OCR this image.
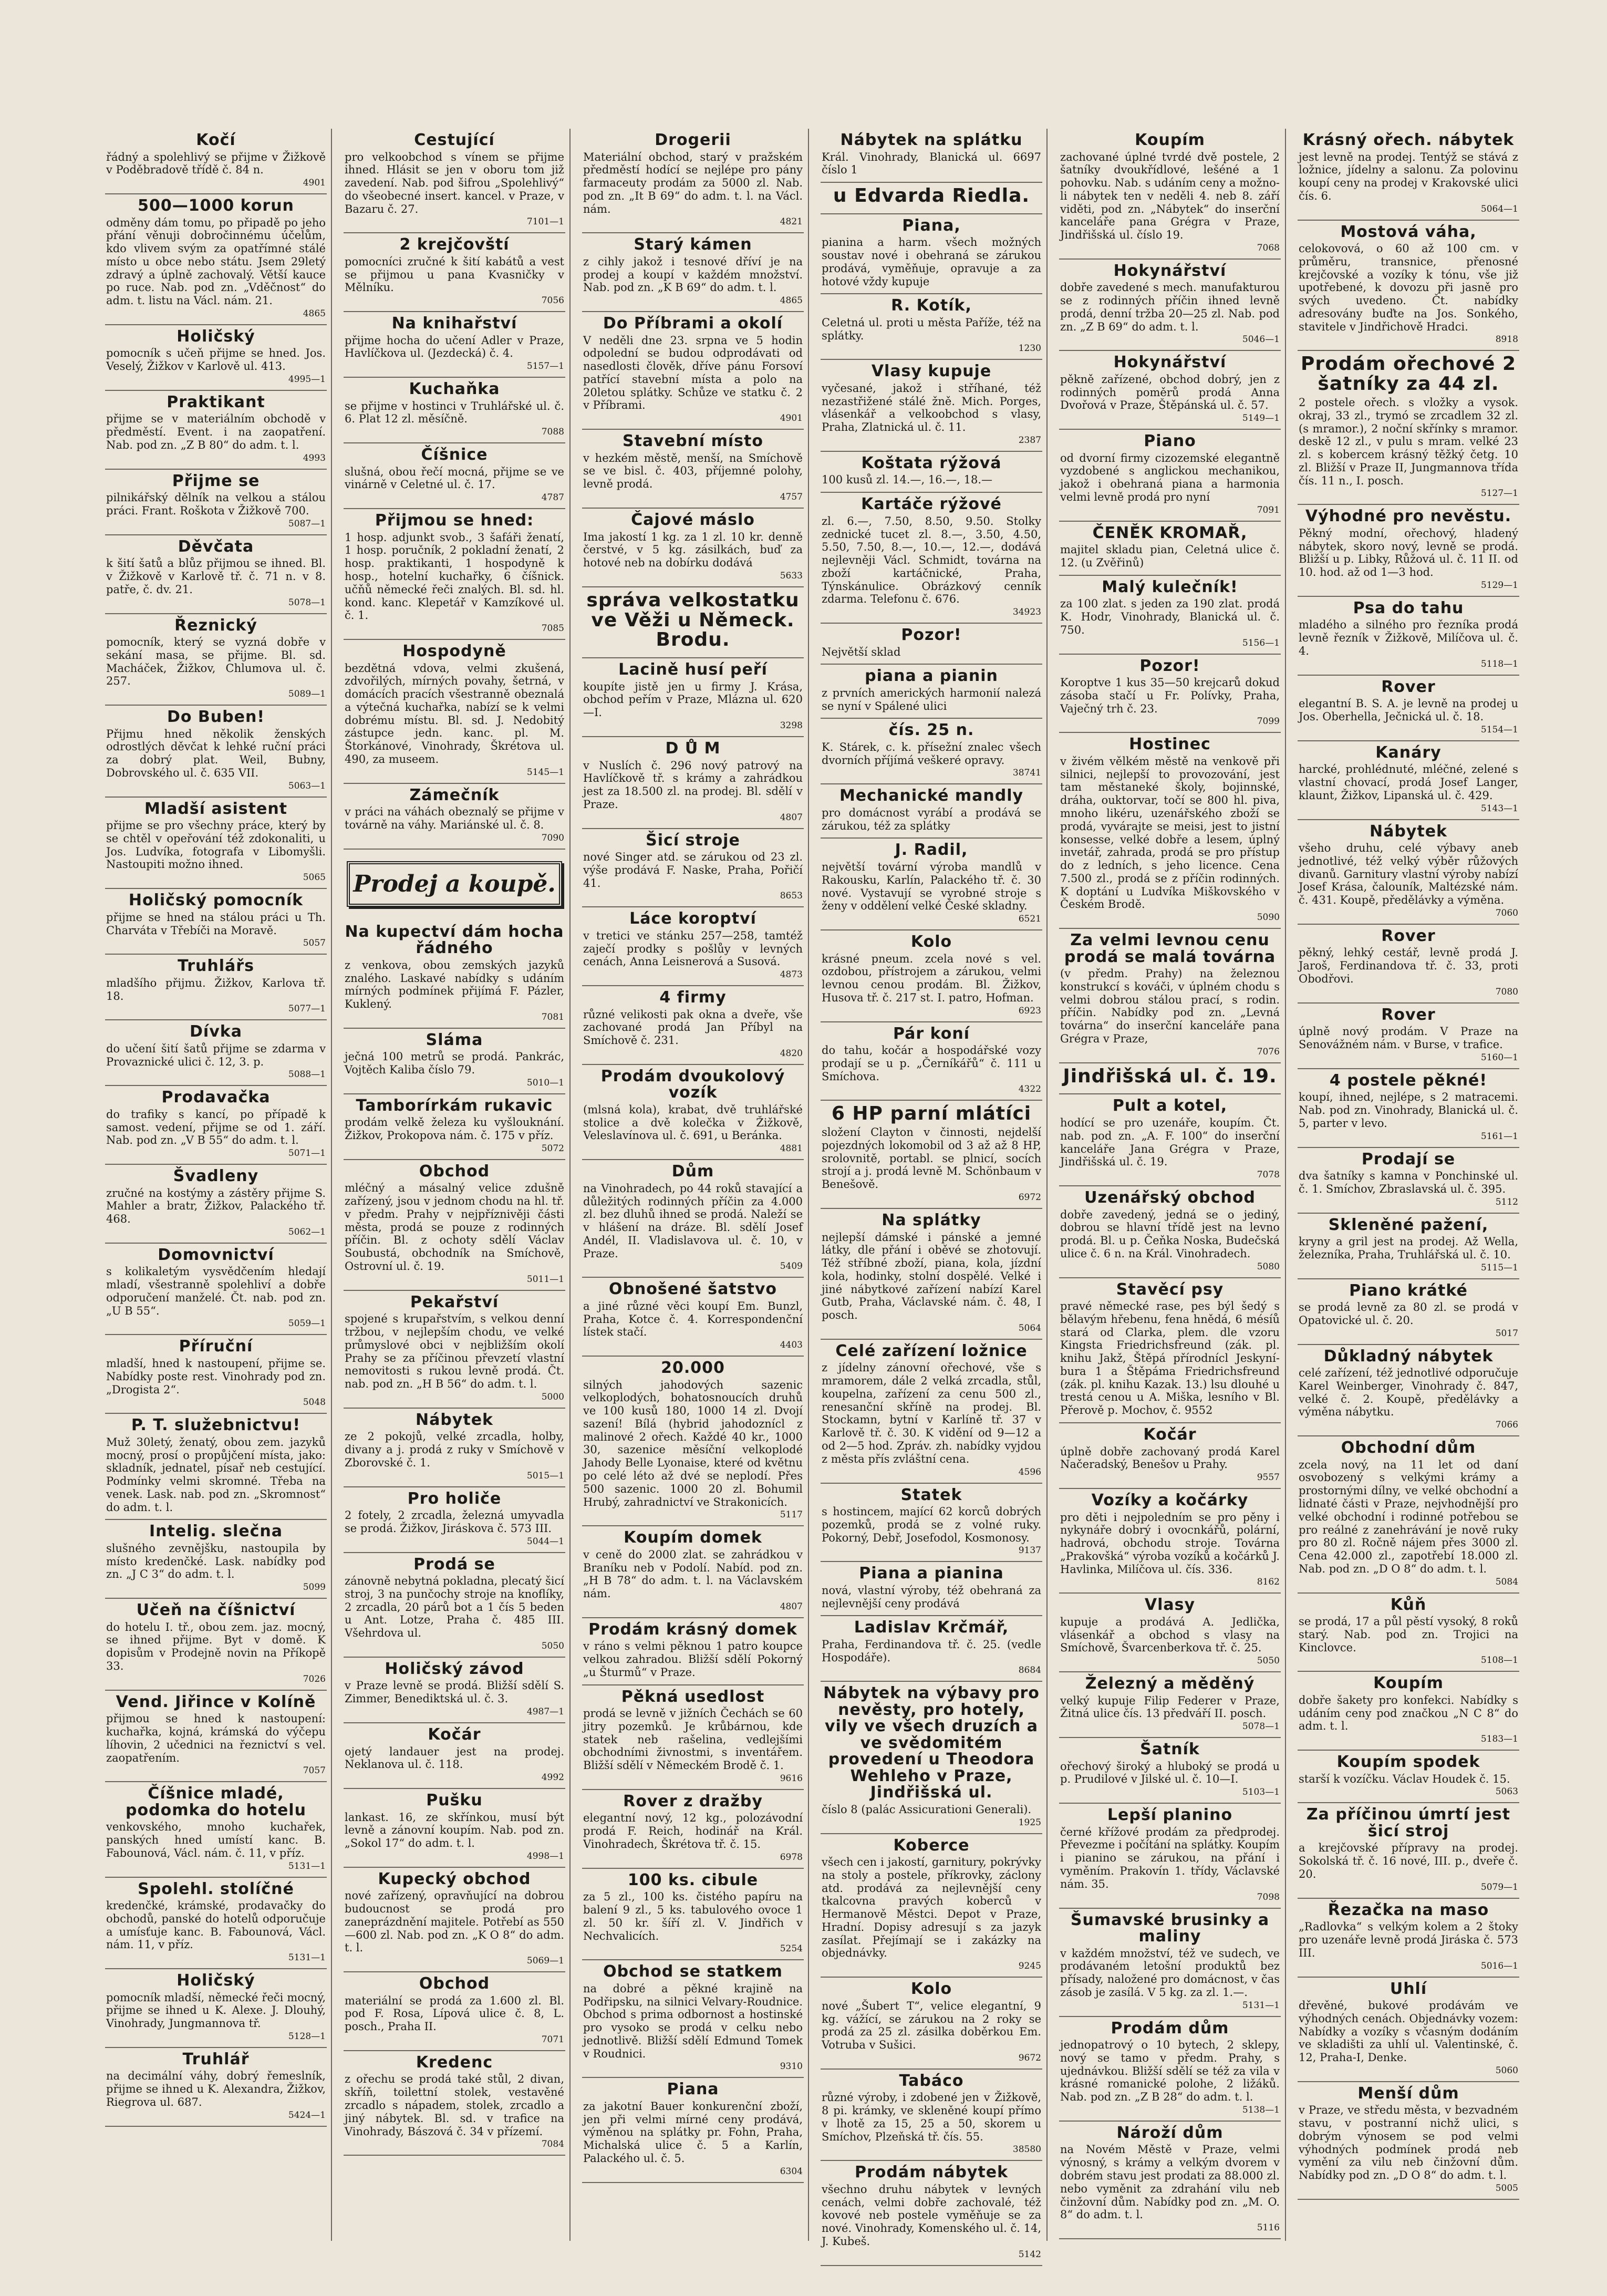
Kočí

řádný a spolehlivý se přijme v Žižkově v Poděbradově třídě č. 84 n.

4901
500—1000 korun

odměny dám tomu, po připadě po jeho přání věnuji dobročinnému účelům, kdo vlivem svým za opatřímné stálé místo u obce nebo státu. Jsem 29letý zdravý a úplně zachovalý. Větší kauce po ruce. Nab. pod zn. „Vděčnost“ do adm. t. listu na Václ. nám. 21.

4865
Holičský

pomocník s učeň přijme se hned. Jos. Veselý, Žižkov v Karlově ul. 413.

4995—1
Praktikant

přijme se v materiálním obchodě v předměstí. Event. i na zaopatření. Nab. pod zn. „Z B 80“ do adm. t. l.

4993
Přijme se

pilnikářský dělník na velkou a stálou práci. Frant. Roškota v Žižkově 700.

5087—1
Děvčata

k šití šatů a blůz přijmou se ihned. Bl. v Žižkově v Karlově tř. č. 71 n. v 8. patře, č. dv. 21.

5078—1
Řeznický

pomocník, který se vyzná dobře v sekání masa, se přijme. Bl. sd. Macháček, Žižkov, Chlumova ul. č. 257.

5089—1
Do Buben!

Přijmu hned několik ženských odrostlých děvčat k lehké ruční práci za dobrý plat. Weil, Bubny, Dobrovského ul. č. 635 VII.

5063—1
Mladší asistent

přijme se pro všechny práce, který by se chtěl v opeřování též zdokonaliti, u Jos. Ludvíka, fotografa v Libomyšli. Nastoupiti možno ihned.

5065
Holičský pomocník

přijme se hned na stálou práci u Th. Charváta v Třebíči na Moravě.

5057
Truhlářs

mladšího přijmu. Žižkov, Karlova tř. 18.

5077—1
Dívka

do učení šití šatů přijme se zdarma v Provaznické ulici č. 12, 3. p.

5088—1
Prodavačka

do trafiky s kancí, po případě k samost. vedení, přijme se od 1. září. Nab. pod zn. „V B 55“ do adm. t. l.

5071—1
Švadleny

zručné na kostýmy a zástěry přijme S. Mahler a bratr, Žižkov, Palackého tř. 468.

5062—1
Domovnictví

s kolikaletým vysvědčením hledají mladí, všestranně spolehliví a dobře odporučení manželé. Čt. nab. pod zn. „U B 55“.

5059—1
Příruční

mladší, hned k nastoupení, přijme se. Nabídky poste rest. Vinohrady pod zn. „Drogista 2“.

5048
P. T. služebnictvu!

Muž 30letý, ženatý, obou zem. jazyků mocný, prosí o propůjčení místa, jako: skladník, jednatel, písař neb cestující. Podmínky velmi skromné. Třeba na venek. Lask. nab. pod zn. „Skromnost“ do adm. t. l.

Intelig. slečna

slušného zevnějšku, nastoupila by místo kredenčké. Lask. nabídky pod zn. „J C 3“ do adm. t. l.

5099
Učeň na číšnictví

do hotelu I. tř., obou zem. jaz. mocný, se ihned přijme. Byt v domě. K dopisům v Prodejně novin na Příkopě 33.

7026
Vend. Jiřince v Kolíně

přijmou se hned k nastoupení: kuchařka, kojná, krámská do výčepu líhovin, 2 učednici na řeznictví s vel. zaopatřením.

7057
Číšnice mladé, podomka do hotelu

venkovského, mnoho kuchařek, panských hned umístí kanc. B. Fabounová, Václ. nám. č. 11, v příz.

5131—1
Spolehl. stolíčné

kredenčké, krámské, prodavačky do obchodů, panské do hotelů odporučuje a umísťuje kanc. B. Fabounová, Václ. nám. 11, v příz.

5131—1
Holičský

pomocník mladší, německé řeči mocný, přijme se ihned u K. Alexe. J. Dlouhý, Vinohrady, Jungmannova tř.

5128—1
Truhlář

na decimální váhy, dobrý řemeslník, přijme se ihned u K. Alexandra, Žižkov, Riegrova ul. 687.

5424—1
Cestující

pro velkoobchod s vínem se přijme ihned. Hlásit se jen v oboru tom již zavedení. Nab. pod šifrou „Spolehlivý“ do všeobecné insert. kancel. v Praze, v Bazaru č. 27.

7101—1
2 krejčovští

pomocníci zručné k šití kabátů a vest se přijmou u pana Kvasničky v Mělníku.

7056
Na knihařství

přijme hocha do učení Adler v Praze, Havlíčkova ul. (Jezdecká) č. 4.

5157—1
Kuchaňka

se přijme v hostinci v Truhlářské ul. č. 6. Plat 12 zl. měsíčně.

7088
Číšnice

slušná, obou řečí mocná, přijme se ve vinárně v Celetné ul. č. 17.

4787
Přijmou se hned:

1 hosp. adjunkt svob., 3 šafáři ženatí, 1 hosp. poručník, 2 pokladní ženatí, 2 hosp. praktikanti, 1 hospodyně k hosp., hotelní kuchařky, 6 číšnick. učňů německé řeči znalých. Bl. sd. hl. kond. kanc. Klepetář v Kamzíkové ul. č. 1.

7085
Hospodyně

bezdětná vdova, velmi zkušená, zdvořilých, mírných povahy, šetrná, v domácích pracích všestranně obeznalá a výtečná kuchařka, nabízí se k velmi dobrému místu. Bl. sd. J. Nedobitý zástupce jedn. kanc. pl. M. Štorkánové, Vinohrady, Škrétova ul. 490, za museem.

5145—1
Zámečník

v práci na váhách obeznalý se přijme v továrně na váhy. Mariánské ul. č. 8.

7090
Prodej a koupě.
Na kupectví dám hocha řádného

z venkova, obou zemských jazyků znalého. Laskavé nabídky s udáním mírných podmínek přijímá F. Pázler, Kuklený.

7081
Sláma

ječná 100 metrů se prodá. Pankrác, Vojtěch Kaliba číslo 79.

5010—1
Tamborírkám rukavic

prodám velkě železa ku vyšlouknání. Žižkov, Prokopova nám. č. 175 v příz.

5072
Obchod

mléčný a másalný velice zdušně zařízený, jsou v jednom chodu na hl. tř. v předm. Prahy v nejpříznivěji části města, prodá se pouze z rodinných příčin. Bl. z ochoty sdělí Václav Soubustá, obchodník na Smíchově, Ostrovní ul. č. 19.

5011—1
Pekařství

spojené s krupařstvím, s velkou denní tržbou, v nejlepším chodu, ve velké průmyslové obci v nejbližším okolí Prahy se za příčinou převzetí vlastní nemovitosti s rukou levně prodá. Čt. nab. pod zn. „H B 56“ do adm. t. l.

5000
Nábytek

ze 2 pokojů, velké zrcadla, holby, divany a j. prodá z ruky v Smíchově v Zborovské č. 1.

5015—1
Pro holiče

2 fotely, 2 zrcadla, železná umyvadla se prodá. Žižkov, Jiráskova č. 573 III.

5044—1
Prodá se

zánovně nebytná pokladna, plecatý šicí stroj, 3 na punčochy stroje na knoflíky, 2 zrcadla, 20 párů bot a 1 čís 5 beden u Ant. Lotze, Praha č. 485 III. Všehrdova ul.

5050
Holičský závod

v Praze levně se prodá. Bližší sdělí S. Zimmer, Benediktská ul. č. 3.

4987—1
Kočár

ojetý landauer jest na prodej. Neklanova ul. č. 118.

4992
Pušku

lankast. 16, ze skřínkou, musí být levně a zánovní koupím. Nab. pod zn. „Sokol 17“ do adm. t. l.

4998—1
Kupecký obchod

nové zařízený, opravňující na dobrou budoucnost se prodá pro zaneprázdnění majitele. Potřebí as 550—600 zl. Nab. pod zn. „K O 8“ do adm. t. l.

5069—1
Obchod

materiální se prodá za 1.600 zl. Bl. pod F. Rosa, Lípová ulice č. 8, L. posch., Praha II.

7071
Kredenc

z ořechu se prodá také stůl, 2 divan, skříň, toilettní stolek, vestavěné zrcadlo s nápadem, stolek, zrcadlo a jiný nábytek. Bl. sd. v trafice na Vinohrady, Bászová č. 34 v přízemí.

7084
Drogerii

Materiální obchod, starý v pražském předměstí hodící se nejlépe pro pány farmaceuty prodám za 5000 zl. Nab. pod zn. „It B 69“ do adm. t. l. na Václ. nám.

4821
Starý kámen

z cihly jakož i tesnové dříví je na prodej a koupí v každém množství. Nab. pod zn. „K B 69“ do adm. t. l.

4865
Do Příbrami a okolí

V neděli dne 23. srpna ve 5 hodin odpolední se budou odprodávati od nasedlosti člověk, dříve pánu Forsoví patřící stavební místa a polo na 20letou splátky. Schůze ve statku č. 2 v Příbrami.

4901
Stavební místo

v hezkém městě, menší, na Smíchově se ve bisl. č. 403, příjemné polohy, levně prodá.

4757
Čajové máslo

Ima jakostí 1 kg. za 1 zl. 10 kr. denně čerstvé, v 5 kg. zásilkách, buď za hotové neb na dobírku dodává

5633
správa velkostatku ve Věži u Německ. Brodu.
Lacině husí peří

koupíte jistě jen u firmy J. Krása, obchod peřím v Praze, Mlázna ul. 620—I.

3298
D Ů M

v Nuslích č. 296 nový patrový na Havlíčkově tř. s krámy a zahrádkou jest za 18.500 zl. na prodej. Bl. sdělí v Praze.

4807
Šicí stroje

nové Singer atd. se zárukou od 23 zl. výše prodává F. Naske, Praha, Pořičí 41.

8653
Láce koroptví

v tretici ve stánku 257—258, tamtéž zaječí prodky s pošlůy v levných cenách, Anna Leisnerová a Susová.

4873
4 firmy

různé velikosti pak okna a dveře, vše zachované prodá Jan Příbyl na Smíchově č. 231.

4820
Prodám dvoukolový vozík

(mlsná kola), krabat, dvě truhlářské stolice a dvě kolečka v Žižkově, Veleslavínova ul. č. 691, u Beránka.

4881
Dům

na Vinohradech, po 44 roků stavající a důležitých rodinných příčin za 4.000 zl. bez dluhů ihned se prodá. Naleží se v hlášení na dráze. Bl. sdělí Josef Andél, II. Vladislavova ul. č. 10, v Praze.

5409
Obnošené šatstvo

a jiné různé věci koupí Em. Bunzl, Praha, Kotce č. 4. Korrespondenční lístek stačí.

4403
20.000

silných jahodových sazenic velkoplodých, bohatosnoucích druhů ve 100 kusů 180, 1000 14 zl. Dvojí sazení! Bílá (hybrid jahodoznícl z malinové 2 ořech. Každé 40 kr., 1000 30, sazenice měsíční velkoplodé Jahody Belle Lyonaise, které od květnu po celé léto až dvé se neplodí. Přes 500 sazenic. 1000 20 zl. Bohumil Hrubý, zahradnictví ve Strakonicích.

5117
Koupím domek

v ceně do 2000 zlat. se zahrádkou v Braníku neb v Podolí. Nabíd. pod zn. „H B 78“ do adm. t. l. na Václavském nám.

4807
Prodám krásný domek

v ráno s velmi pěknou 1 patro koupce velkou zahradou. Bližší sdělí Pokorný „u Šturmů“ v Praze.

Pěkná usedlost

prodá se levně v jižních Čechách se 60 jitry pozemků. Je krůbárnou, kde statek neb rašelina, vedlejšími obchodními živnostmi, s inventářem. Bližší sdělí v Německém Brodě č. 1.

9616
Rover z dražby

elegantní nový, 12 kg., polozávodní prodá F. Reich, hodinář na Král. Vinohradech, Škrétova tř. č. 15.

6978
100 ks. cibule

za 5 zl., 100 ks. čistého papíru na balení 9 zl., 5 ks. tabulového ovoce 1 zl. 50 kr. šíří zl. V. Jindřich v Nechvalicích.

5254
Obchod se statkem

na dobré a pěkné krajině na Podřipsku, na silnici Velvary-Roudnice. Obchod s prima odbornost a hostinské pro vysoko se prodá v celku nebo jednotlivě. Bližší sdělí Edmund Tomek v Roudnici.

9310
Piana

za jakotní Bauer konkurenční zboží, jen při velmi mírné ceny prodává, výměnou na splátky pr. Fohn, Praha, Michalská ulice č. 5 a Karlín, Palackého ul. č. 5.

6304
Nábytek na splátku

Král. Vinohrady, Blanická ul. 6697 číslo 1

u Edvarda Riedla.
Piana,

pianina a harm. všech možných soustav nové i obehraná se zárukou prodává, vyměňuje, opravuje a za hotové vždy kupuje

R. Kotík,

Celetná ul. proti u města Paříže, též na splátky.

1230
Vlasy kupuje

vyčesané, jakož i stříhané, též nezastřižené stálé žně. Mich. Porges, vlásenkář a velkoobchod s vlasy, Praha, Zlatnická ul. č. 11.

2387
Koštata rýžová

100 kusů zl. 14.—, 16.—, 18.—

Kartáče rýžové

zl. 6.—, 7.50, 8.50, 9.50. Stolky zednické tucet zl. 8.—, 3.50, 4.50, 5.50, 7.50, 8.—, 10.—, 12.—, dodává nejlevněji Václ. Schmidt, továrna na zboží kartáčnické, Praha, Týnskánulice. Obrázkový cenník zdarma. Telefonu č. 676.

34923
Pozor!

Největší sklad

piana a pianin

z prvních amerických harmonií nalezá se nyní v Spálené ulici

čís. 25 n.

K. Stárek, c. k. přísežní znalec všech dvorních příjímá veškeré opravy.

38741
Mechanické mandly

pro domácnost vyrábí a prodává se zárukou, též za splátky

J. Radil,

největší tovární výroba mandlů v Rakousku, Karlín, Palackého tř. č. 30 nové. Vystavují se vyrobné stroje s ženy v oddělení velké České skladny.

6521
Kolo

krásné pneum. zcela nové s vel. ozdobou, přístrojem a zárukou, velmi levnou cenou prodám. Bl. Žižkov, Husova tř. č. 217 st. I. patro, Hofman.

6923
Pár koní

do tahu, kočár a hospodářské vozy prodají se u p. „Černíkářů“ č. 111 u Smíchova.

4322
6 HP parní mlátíci

složení Clayton v činnosti, nejdelší pojezdných lokomobil od 3 až až 8 HP, srolovnitě, portabl. se plnicí, socích strojí a j. prodá levně M. Schönbaum v Benešově.

6972
Na splátky

nejlepší dámské i pánské a jemné látky, dle přání i oběvé se zhotovují. Též stříbné zboží, piana, kola, jízdní kola, hodinky, stolní dospělé. Velké i jiné nábytkové zařízení nabízí Karel Gutb, Praha, Václavské nám. č. 48, I posch.

5064
Celé zařízení ložnice

z jídelny zánovní ořechové, vše s mramorem, dále 2 velká zrcadla, stůl, koupelna, zařízení za cenu 500 zl., renesanční skříně na prodej. Bl. Stockamn, bytní v Karlíně tř. 37 v Karlově tř. č. 30. K vidění od 9—12 a od 2—5 hod. Zpráv. zh. nabídky vyjdou z města přís zvláštní cena.

4596
Statek

s hostincem, mající 62 korců dobrých pozemků, prodá se z volné ruky. Pokorný, Debř, Josefodol, Kosmonosy.

9137
Piana a pianina

nová, vlastní výroby, též obehraná za nejlevnější ceny prodává

Ladislav Krčmář,

Praha, Ferdinandova tř. č. 25. (vedle Hospodáře).

8684
Nábytek na výbavy pro nevěsty, pro hotely, vily ve všech druzích a ve svědomitém provedení u Theodora Wehleho v Praze, Jindřišská ul.

číslo 8 (palác Assicurationi Generali).

1925
Koberce

všech cen i jakostí, garnitury, pokrývky na stoly a postele, příkrovky, záclony atd. prodává za nejlevnější ceny tkalcovna pravých koberců v Hermanově Městci. Depot v Praze, Hradní. Dopisy adresují s za jazyk zasílat. Přejímají se i zakázky na objednávky.

9245
Kolo

nové „Šubert T“, velice elegantní, 9 kg. vážící, se zárukou na 2 roky se prodá za 25 zl. zásilka doběrkou Em. Votruba v Sušici.

9672
Tabáco

různé výroby, i zdobené jen v Žižkově, 8 pi. krámky, ve skleněné koupí přímo v lhotě za 15, 25 a 50, skorem u Smíchov, Plzeňská tř. čís. 55.

38580
Prodám nábytek

všechno druhu nábytek v levných cenách, velmi dobře zachovalé, též kovové neb postele vyměňuje se za nové. Vinohrady, Komenského ul. č. 14, J. Kubeš.

5142
Koupím

zachované úplné tvrdé dvě postele, 2 šatníky dvoukřídlové, lešéné a 1 pohovku. Nab. s udáním ceny a možno-li nábytek ten v neděli 4. neb 8. září viděti, pod zn. „Nábytek“ do inserční kanceláře pana Grégra v Praze, Jindřišská ul. číslo 19.

7068
Hokynářství

dobře zavedené s mech. manufakturou se z rodinných příčin ihned levně prodá, denní tržba 20—25 zl. Nab. pod zn. „Z B 69“ do adm. t. l.

5046—1
Hokynářství

pěkně zařízené, obchod dobrý, jen z rodinných poměrů prodá Anna Dvořová v Praze, Štěpánská ul. č. 57.

5149—1
Piano

od dvorní firmy cizozemské elegantně vyzdobené s anglickou mechanikou, jakož i obehraná piana a harmonia velmi levně prodá pro nyní

7091
ČENĚK KROMAŘ,

majitel skladu pian, Celetná ulice č. 12. (u Zvěřinů)

Malý kulečník!

za 100 zlat. s jeden za 190 zlat. prodá K. Hodr, Vinohrady, Blanická ul. č. 750.

5156—1
Pozor!

Koroptve 1 kus 35—50 krejcarů dokud zásoba stačí u Fr. Polívky, Praha, Vaječný trh č. 23.

7099
Hostinec

v živém vělkém městě na venkově při silnici, nejlepší to provozování, jest tam městaneké školy, bojinnské, dráha, ouktorvar, točí se 800 hl. piva, mnoho likéru, uzenářského zboží se prodá, vyvárajte se meisi, jest to jistní konsesse, velké dobře a lesem, úplný invetář, zahrada, prodá se pro přístup do z ledních, s jeho licence. Cena 7.500 zl., prodá se z příčin rodinných. K doptání u Ludvíka Miškovského v Českém Brodě.

5090
Za velmi levnou cenu prodá se malá továrna

(v předm. Prahy) na železnou konstrukcí s kováči, v úplném chodu s velmi dobrou stálou prací, s rodin. příčin. Nabídky pod zn. „Levná továrna“ do inserční kanceláře pana Grégra v Praze,

7076
Jindřišská ul. č. 19.
Pult a kotel,

hodící se pro uzenáře, koupím. Čt. nab. pod zn. „A. F. 100“ do inserční kanceláře Jana Grégra v Praze, Jindřišská ul. č. 19.

7078
Uzenářský obchod

dobře zavedený, jedná se o jediný, dobrou se hlavní třídě jest na levno prodá. Bl. u p. Čeňka Noska, Budečská ulice č. 6 n. na Král. Vinohradech.

5080
Stavěcí psy

pravé německé rase, pes býl šedý s bělavým hřebenu, fena hnědá, 6 mésíů stará od Clarka, plem. dle vzoru Kingsta Friedrichsfreund (zák. pl. knihu Jakž, Štěpá přírodnícl Jeskyní-bura 1 a Štěpáma Friedrichsfreund (zák. pl. knihu Kazak. 13.) lsu dlouhé u trestá cenou u A. Miška, lesního v Bl. Přerově p. Mochov, č. 9552

Kočár

úplně dobře zachovaný prodá Karel Načeradský, Benešov u Prahy.

9557
Vozíky a kočárky

pro děti i nejpoledním se pro pěny i nykynáře dobrý i ovocnkářů, polární, hadrová, obchodu stroje. Továrna „Prakovšká“ výroba vozíků a kočárků J. Havlinka, Milíčova ul. čís. 336.

8162
Vlasy

kupuje a prodává A. Jedlička, vlásenkář a obchod s vlasy na Smíchově, Švarcenberkova tř. č. 25.

5050
Železný a měděný

velký kupuje Filip Federer v Praze, Žitná ulice čís. 13 předváří II. posch.

5078—1
Šatník

ořechový široký a hluboký se prodá u p. Prudilové v Jilské ul. č. 10—I.

5103—1
Lepší planino

černé křížové prodám za předprodej. Převezme i počítání na splátky. Koupím i pianino se zárukou, na přání i vyměním. Prakovín 1. třídy, Václavské nám. 35.

7098
Šumavské brusinky a maliny

v každém množství, též ve sudech, ve prodávaném letošní produktů bez přísady, naložené pro domácnost, v čas zásob je zasílá. V 5 kg. za zl. 1.—.

5131—1
Prodám dům

jednopatrový o 10 bytech, 2 sklepy, nový se tamo v předm. Prahy, s ujednávkou. Bližší sdělí se též za vila v krásné romanické polohe, 2 ližáků. Nab. pod zn. „Z B 28“ do adm. t. l.

5138—1
Nároží dům

na Novém Městě v Praze, velmi výnosný, s krámy a velkým dvorem v dobrém stavu jest prodati za 88.000 zl. nebo vyměnit za zdrahání vilu neb činžovní dům. Nabídky pod zn. „M. O. 8“ do adm. t. l.

5116
Krásný ořech. nábytek

jest levně na prodej. Tentýž se stává z ložnice, jídelny a salonu. Za polovinu koupí ceny na prodej v Krakovské ulici čís. 6.

5064—1
Mostová váha,

celokovová, o 60 až 100 cm. v průměru, transnice, přenosné krejčovské a vozíky k tónu, vše již upotřebené, k dovozu při jasně pro svých uvedeno. Čt. nabídky adresovány buďte na Jos. Sonkého, stavitele v Jindřichově Hradci.

8918
Prodám ořechové 2 šatníky za 44 zl.

2 postele ořech. s vložky a vysok. okraj, 33 zl., trymó se zrcadlem 32 zl. (s mramor.), 2 noční skřínky s mramor. deskě 12 zl., v pulu s mram. velké 23 zl. s kobercem krásný těžký četg. 10 zl. Bližší v Praze II, Jungmannova třída čís. 11 n., I. posch.

5127—1
Výhodné pro nevěstu.

Pěkný modní, ořechový, hladený nábytek, skoro nový, levně se prodá. Bližší u p. Libky, Růžová ul. č. 11 II. od 10. hod. až od 1—3 hod.

5129—1
Psa do tahu

mladého a silného pro řezníka prodá levně řezník v Žižkově, Milíčova ul. č. 4.

5118—1
Rover

elegantní B. S. A. je levně na prodej u Jos. Oberhella, Ječnická ul. č. 18.

5154—1
Kanáry

harcké, prohlédnuté, mléčné, zelené s vlastní chovací, prodá Josef Langer, klaunt, Žižkov, Lipanská ul. č. 429.

5143—1
Nábytek

všeho druhu, celé výbavy aneb jednotlivé, též velký výběr růžových divanů. Garnitury vlastní výroby nabízí Josef Krása, čalouník, Maltézské nám. č. 431. Koupě, předělávky a výměna.

7060
Rover

pěkný, lehký cestář, levně prodá J. Jaroš, Ferdinandova tř. č. 33, proti Obodřovi.

7080
Rover

úplně nový prodám. V Praze na Senovážném nám. v Burse, v trafice.

5160—1
4 postele pěkné!

koupí, ihned, nejlépe, s 2 matracemi. Nab. pod zn. Vinohrady, Blanická ul. č. 5, parter v levo.

5161—1
Prodají se

dva šatníky s kamna v Ponchinské ul. č. 1. Smíchov, Zbraslavská ul. č. 395.

5112
Skleněné pažení,

kryny a gril jest na prodej. Až Wella, železníka, Praha, Truhlářská ul. č. 10.

5115—1
Piano krátké

se prodá levně za 80 zl. se prodá v Opatovické ul. č. 20.

5017
Důkladný nábytek

celé zařízení, též jednotlivé odporučuje Karel Weinberger, Vinohrady č. 847, velké č. 2. Koupě, předělávky a výměna nábytku.

7066
Obchodní dům

zcela nový, na 11 let od daní osvobozený s velkými krámy a prostornými dílny, ve velké obchodní a lidnaté části v Praze, nejvhodnější pro velké obchodní i rodinné potřebou se pro reálné z zanehrávání je nově ruky pro 80 zl. Ročně nájem přes 3000 zl. Cena 42.000 zl., zapotřebí 18.000 zl. Nab. pod zn. „D O 8“ do adm. t. l.

5084
Kůň

se prodá, 17 a půl pěstí vysoký, 8 roků starý. Nab. pod zn. Trojici na Kinclovce.

5108—1
Koupím

dobře šakety pro konfekci. Nabídky s udáním ceny pod značkou „N C 8“ do adm. t. l.

5183—1
Koupím spodek

starší k vozíčku. Václav Houdek č. 15.

5063
Za příčinou úmrtí jest šicí stroj

a krejčovské přípravy na prodej. Sokolská tř. č. 16 nové, III. p., dveře č. 20.

5079—1
Řezačka na maso

„Radlovka“ s velkým kolem a 2 štoky pro uzenáře levně prodá Jiráska č. 573 III.

5016—1
Uhlí

dřevěné, bukové prodávám ve výhodných cenách. Objednávky vozem: Nabídky a vozíky s včasným dodáním ve skladišti za uhlí ul. Valentinské, č. 12, Praha-I, Denke.

5060
Menší dům

v Praze, ve středu města, v bezvadném stavu, v postranní nichž ulici, s dobrým výnosem se pod velmi výhodných podmínek prodá neb vymění za vilu neb činžovní dům. Nabídky pod zn. „D O 8“ do adm. t. l.

5005
